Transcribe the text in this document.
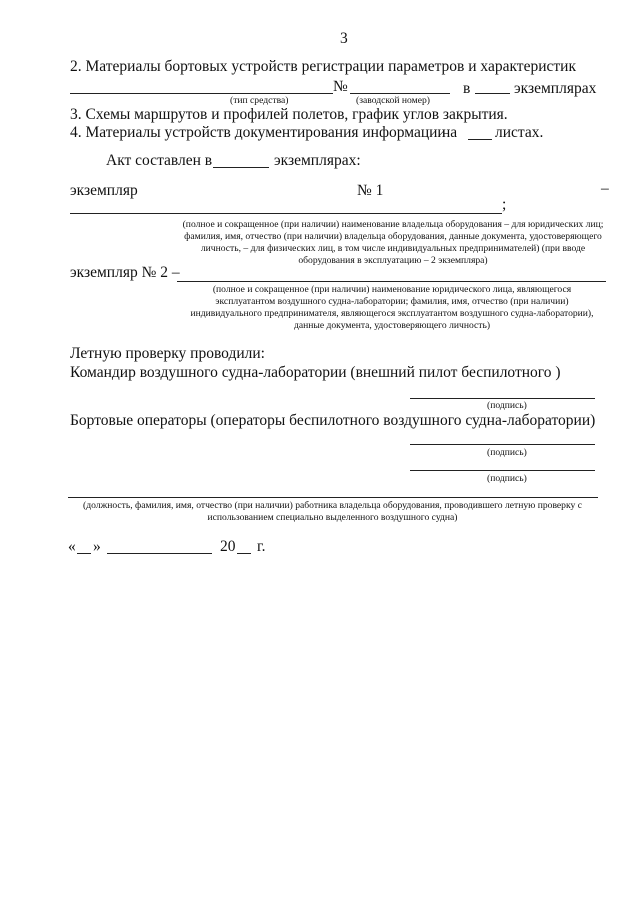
3
2. Материалы бортовых устройств регистрации параметров и характеристик
№	в	экземплярах
(тип средства)	(заводской номер)
3. Схемы маршрутов и профилей полетов, график углов закрытия.
4. Материалы устройств документирования информации
на листах.
Акт составлен в	экземплярах:
экземпляр	№ 1	–
;
(полное и сокращенное (при наличии) наименование владельца оборудования – для юридических лиц; фамилия, имя, отчество (при наличии) владельца оборудования, данные документа, удостоверяющего личность, – для физических лиц, в том числе индивидуальных предпринимателей) (при вводе оборудования в эксплуатацию – 2 экземпляра)
экземпляр № 2 –
(полное и сокращенное (при наличии) наименование юридического лица, являющегося эксплуатантом воздушного судна-лаборатории; фамилия, имя, отчество (при наличии) индивидуального предпринимателя, являющегося эксплуатантом воздушного судна-лаборатории), данные документа, удостоверяющего личность)
Летную проверку проводили:
Командир воздушного судна-лаборатории (внешний пилот беспилотного )
(подпись)
Бортовые операторы (операторы беспилотного воздушного судна-лаборатории)
(подпись)
(подпись)
(должность, фамилия, имя, отчество (при наличии) работника владельца оборудования, проводившего летную проверку с использованием специально выделенного воздушного судна)
« »	20 г.
